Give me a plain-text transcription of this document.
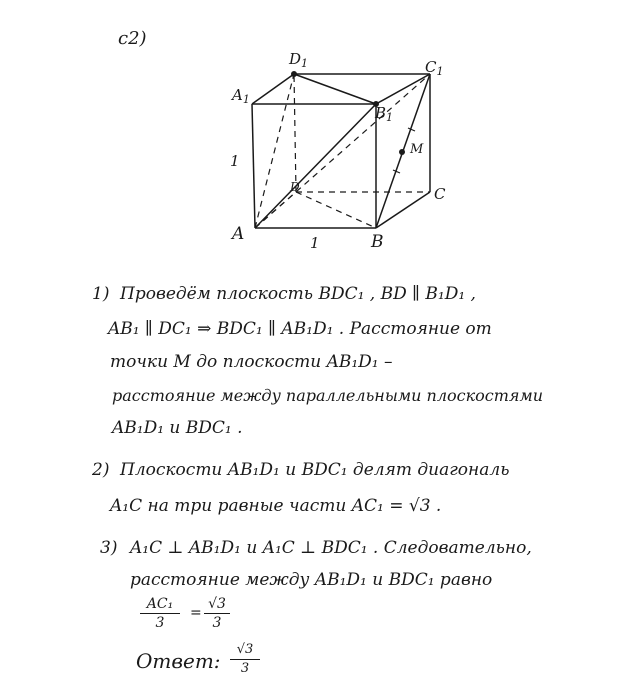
c2)
$D_1$	$C_1$
$A_1$
$B_1$
M
D	C
A	B
1
1
1) Проведём плоскость BDC₁ , BD ∥ B₁D₁ ,
AB₁ ∥ DC₁ ⇒ BDC₁ ∥ AB₁D₁ . Расстояние от
точки M до плоскости AB₁D₁ –
расстояние между параллельными плоскостями
AB₁D₁ и BDC₁ .
2) Плоскости AB₁D₁ и BDC₁ делят диагональ
A₁C на три равные части AC₁ = √3 .
3) A₁C ⊥ AB₁D₁ и A₁C ⊥ BDC₁ . Следовательно,
расстояние между AB₁D₁ и BDC₁ равно
AC₁
3
=
√3
3
Ответ:	√3
3
